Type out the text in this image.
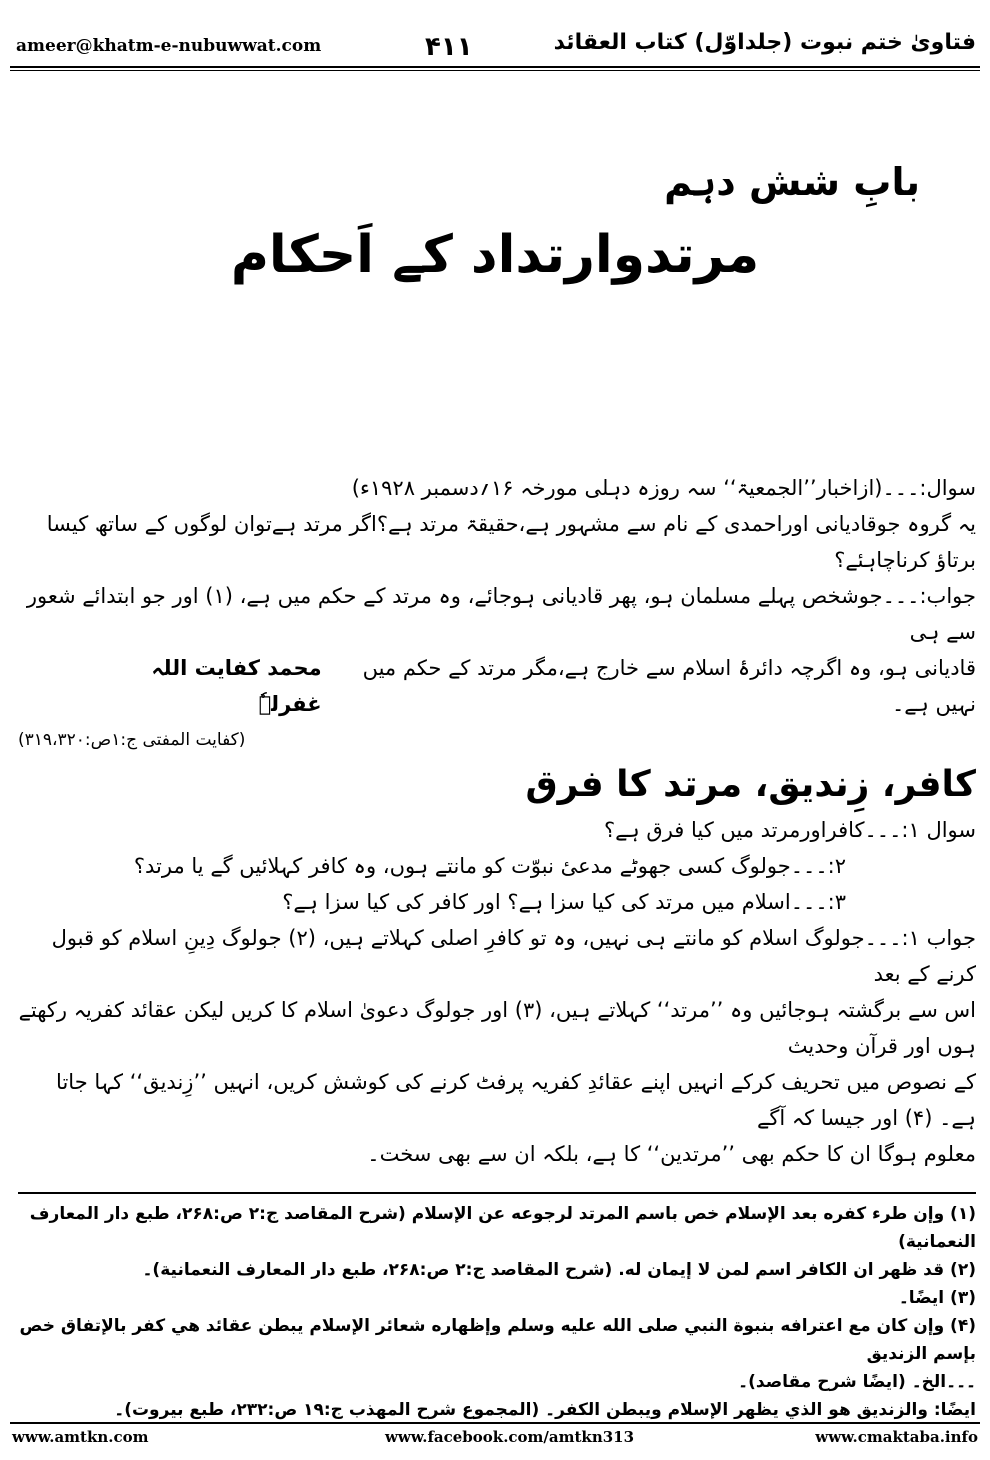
ameer@khatm-e-nubuwwat.com	۴۱۱	فتاویٰ ختم نبوت (جلداوّل) کتاب العقائد
بابِ شش دہم
مرتدوارتداد کے اَحکام

سوال:۔۔۔(ازاخبار’’الجمعیۃ‘‘ سہ روزہ دہلی مورخہ ۱۶؍دسمبر ۱۹۲۸ء)

یہ گروہ جوقادیانی اوراحمدی کے نام سے مشہور ہے،حقیقۃ مرتد ہے؟اگر مرتد ہےتوان لوگوں کے ساتھ کیسا برتاؤ کرناچاہئے؟

جواب:۔۔۔جوشخص پہلے مسلمان ہو، پھر قادیانی ہوجائے، وہ مرتد کے حکم میں ہے، (۱) اور جو ابتدائے شعور سے ہی

قادیانی ہو، وہ اگرچہ دائرۂ اسلام سے خارج ہے،مگر مرتد کے حکم میں نہیں ہے۔
محمد کفایت اللہ غفرلہٗ

(کفایت المفتی ج:۱ص:۳۱۹،۳۲۰)

کافر، زِندیق، مرتد کا فرق

سوال ۱:۔۔۔کافراورمرتد میں کیا فرق ہے؟

۲:۔۔۔جولوگ کسی جھوٹے مدعیٔ نبوّت کو مانتے ہوں، وہ کافر کہلائیں گے یا مرتد؟

۳:۔۔۔اسلام میں مرتد کی کیا سزا ہے؟ اور کافر کی کیا سزا ہے؟

جواب ۱:۔۔۔جولوگ اسلام کو مانتے ہی نہیں، وہ تو کافرِ اصلی کہلاتے ہیں، (۲) جولوگ دِینِ اسلام کو قبول کرنے کے بعد

اس سے برگشتہ ہوجائیں وہ ’’مرتد‘‘ کہلاتے ہیں، (۳) اور جولوگ دعویٰ اسلام کا کریں لیکن عقائد کفریہ رکھتے ہوں اور قرآن وحدیث

کے نصوص میں تحریف کرکے انہیں اپنے عقائدِ کفریہ پرفٹ کرنے کی کوشش کریں، انہیں ’’زِندیق‘‘ کہا جاتا ہے۔ (۴) اور جیسا کہ آگے

معلوم ہوگا ان کا حکم بھی ’’مرتدین‘‘ کا ہے، بلکہ ان سے بھی سخت۔

(۱) وإن طرء كفره بعد الإسلام خص باسم المرتد لرجوعه عن الإسلام (شرح المقاصد ج:۲ ص:۲۶۸، طبع دار المعارف النعمانية)

(۲) قد ظهر ان الكافر اسم لمن لا إيمان له. (شرح المقاصد ج:۲ ص:۲۶۸، طبع دار المعارف النعمانية)۔

(۳) ايضًا۔

(۴) وإن كان مع اعترافه بنبوة النبي صلى الله عليه وسلم وإظهاره شعائر الإسلام يبطن عقائد هي كفر بالإتفاق خص بإسم الزنديق

۔۔۔الخ۔ (ايضًا شرح مقاصد)۔

ايضًا: والزنديق هو الذي يظهر الإسلام ويبطن الكفر۔ (المجموع شرح المهذب ج:۱۹ ص:۲۳۲، طبع بيروت)۔

www.amtkn.com	www.facebook.com/amtkn313	www.cmaktaba.info
